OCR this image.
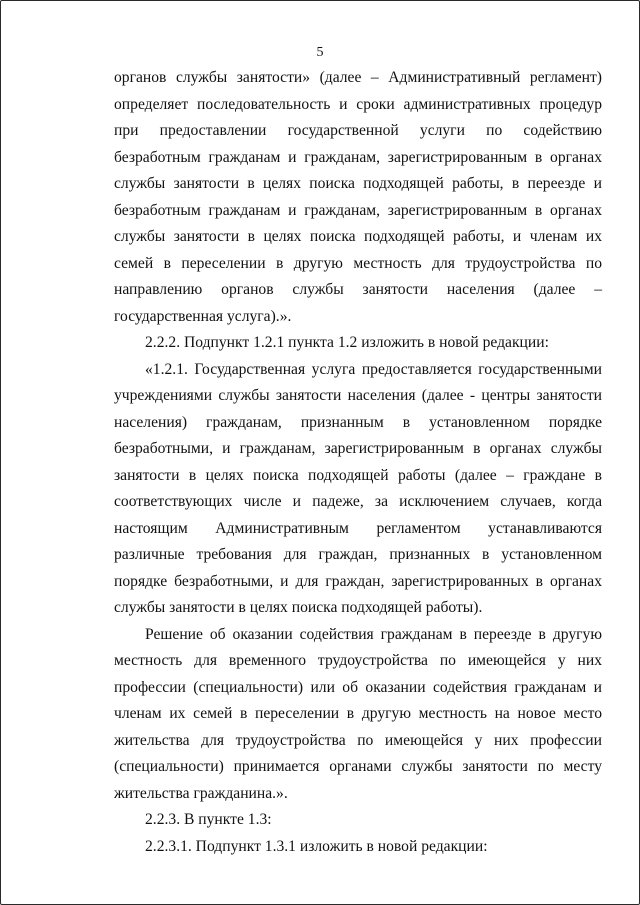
5

органов службы занятости» (далее – Административный регламент) определяет последовательность и сроки административных процедур при предоставлении государственной услуги по содействию безработным гражданам и гражданам, зарегистрированным в органах службы занятости в целях поиска подходящей работы, в переезде и безработным гражданам и гражданам, зарегистрированным в органах службы занятости в целях поиска подходящей работы, и членам их семей в переселении в другую местность для трудоустройства по направлению органов службы занятости населения (далее – государственная услуга).».

2.2.2. Подпункт 1.2.1 пункта 1.2 изложить в новой редакции:

«1.2.1. Государственная услуга предоставляется государственными учреждениями службы занятости населения (далее - центры занятости населения) гражданам, признанным в установленном порядке безработными, и гражданам, зарегистрированным в органах службы занятости в целях поиска подходящей работы (далее – граждане в соответствующих числе и падеже, за исключением случаев, когда настоящим Административным регламентом устанавливаются различные требования для граждан, признанных в установленном порядке безработными, и для граждан, зарегистрированных в органах службы занятости в целях поиска подходящей работы).

Решение об оказании содействия гражданам в переезде в другую местность для временного трудоустройства по имеющейся у них профессии (специальности) или об оказании содействия гражданам и членам их семей в переселении в другую местность на новое место жительства для трудоустройства по имеющейся у них профессии (специальности) принимается органами службы занятости по месту жительства гражданина.».

2.2.3. В пункте 1.3:

2.2.3.1. Подпункт 1.3.1 изложить в новой редакции:
